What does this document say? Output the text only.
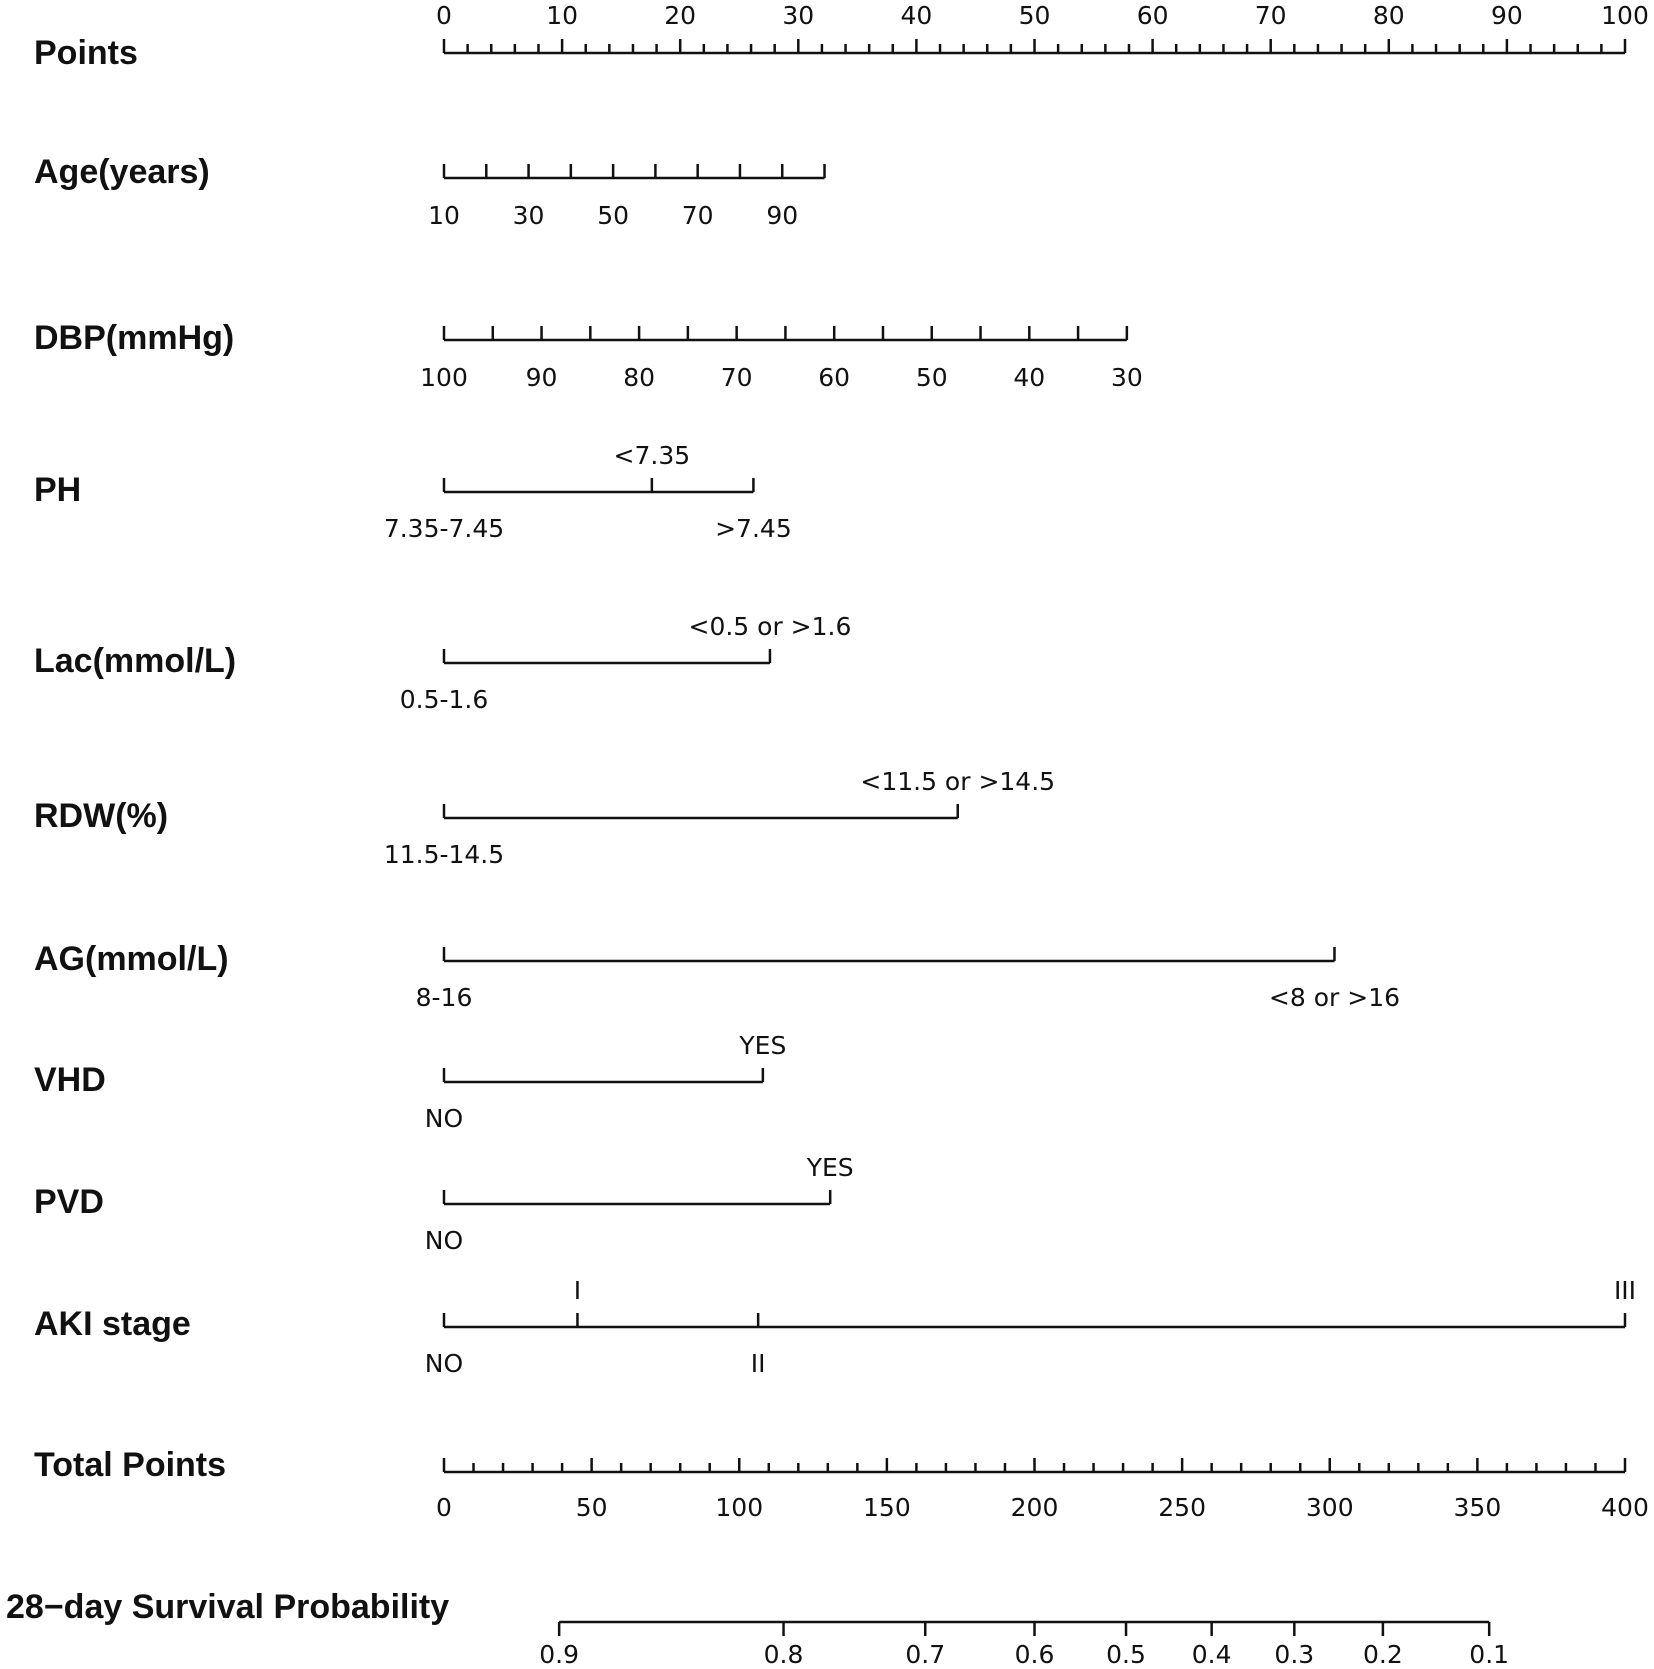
Points
0	10	20	30	40	50	60	70	80	90	100
Age(years)
10 30 50 70 90
DBP(mmHg)
100 90	80	70	60	50	40	30
PH
7.35-7.45
<7.35
>7.45
Lac(mmol/L)
0.5-1.6
<0.5 or >1.6
RDW(%)
11.5-14.5
<11.5 or >14.5
AG(mmol/L)
8-16	<8 or >16
VHD
NO
YES
PVD
NO
YES
AKI stage
NO
I
II
III
Total Points
0	50	100	150	200	250	300	350	400
28−day Survival Probability
0.9	0.8	0.7	0.6 0.5 0.4 0.3 0.2	0.1
